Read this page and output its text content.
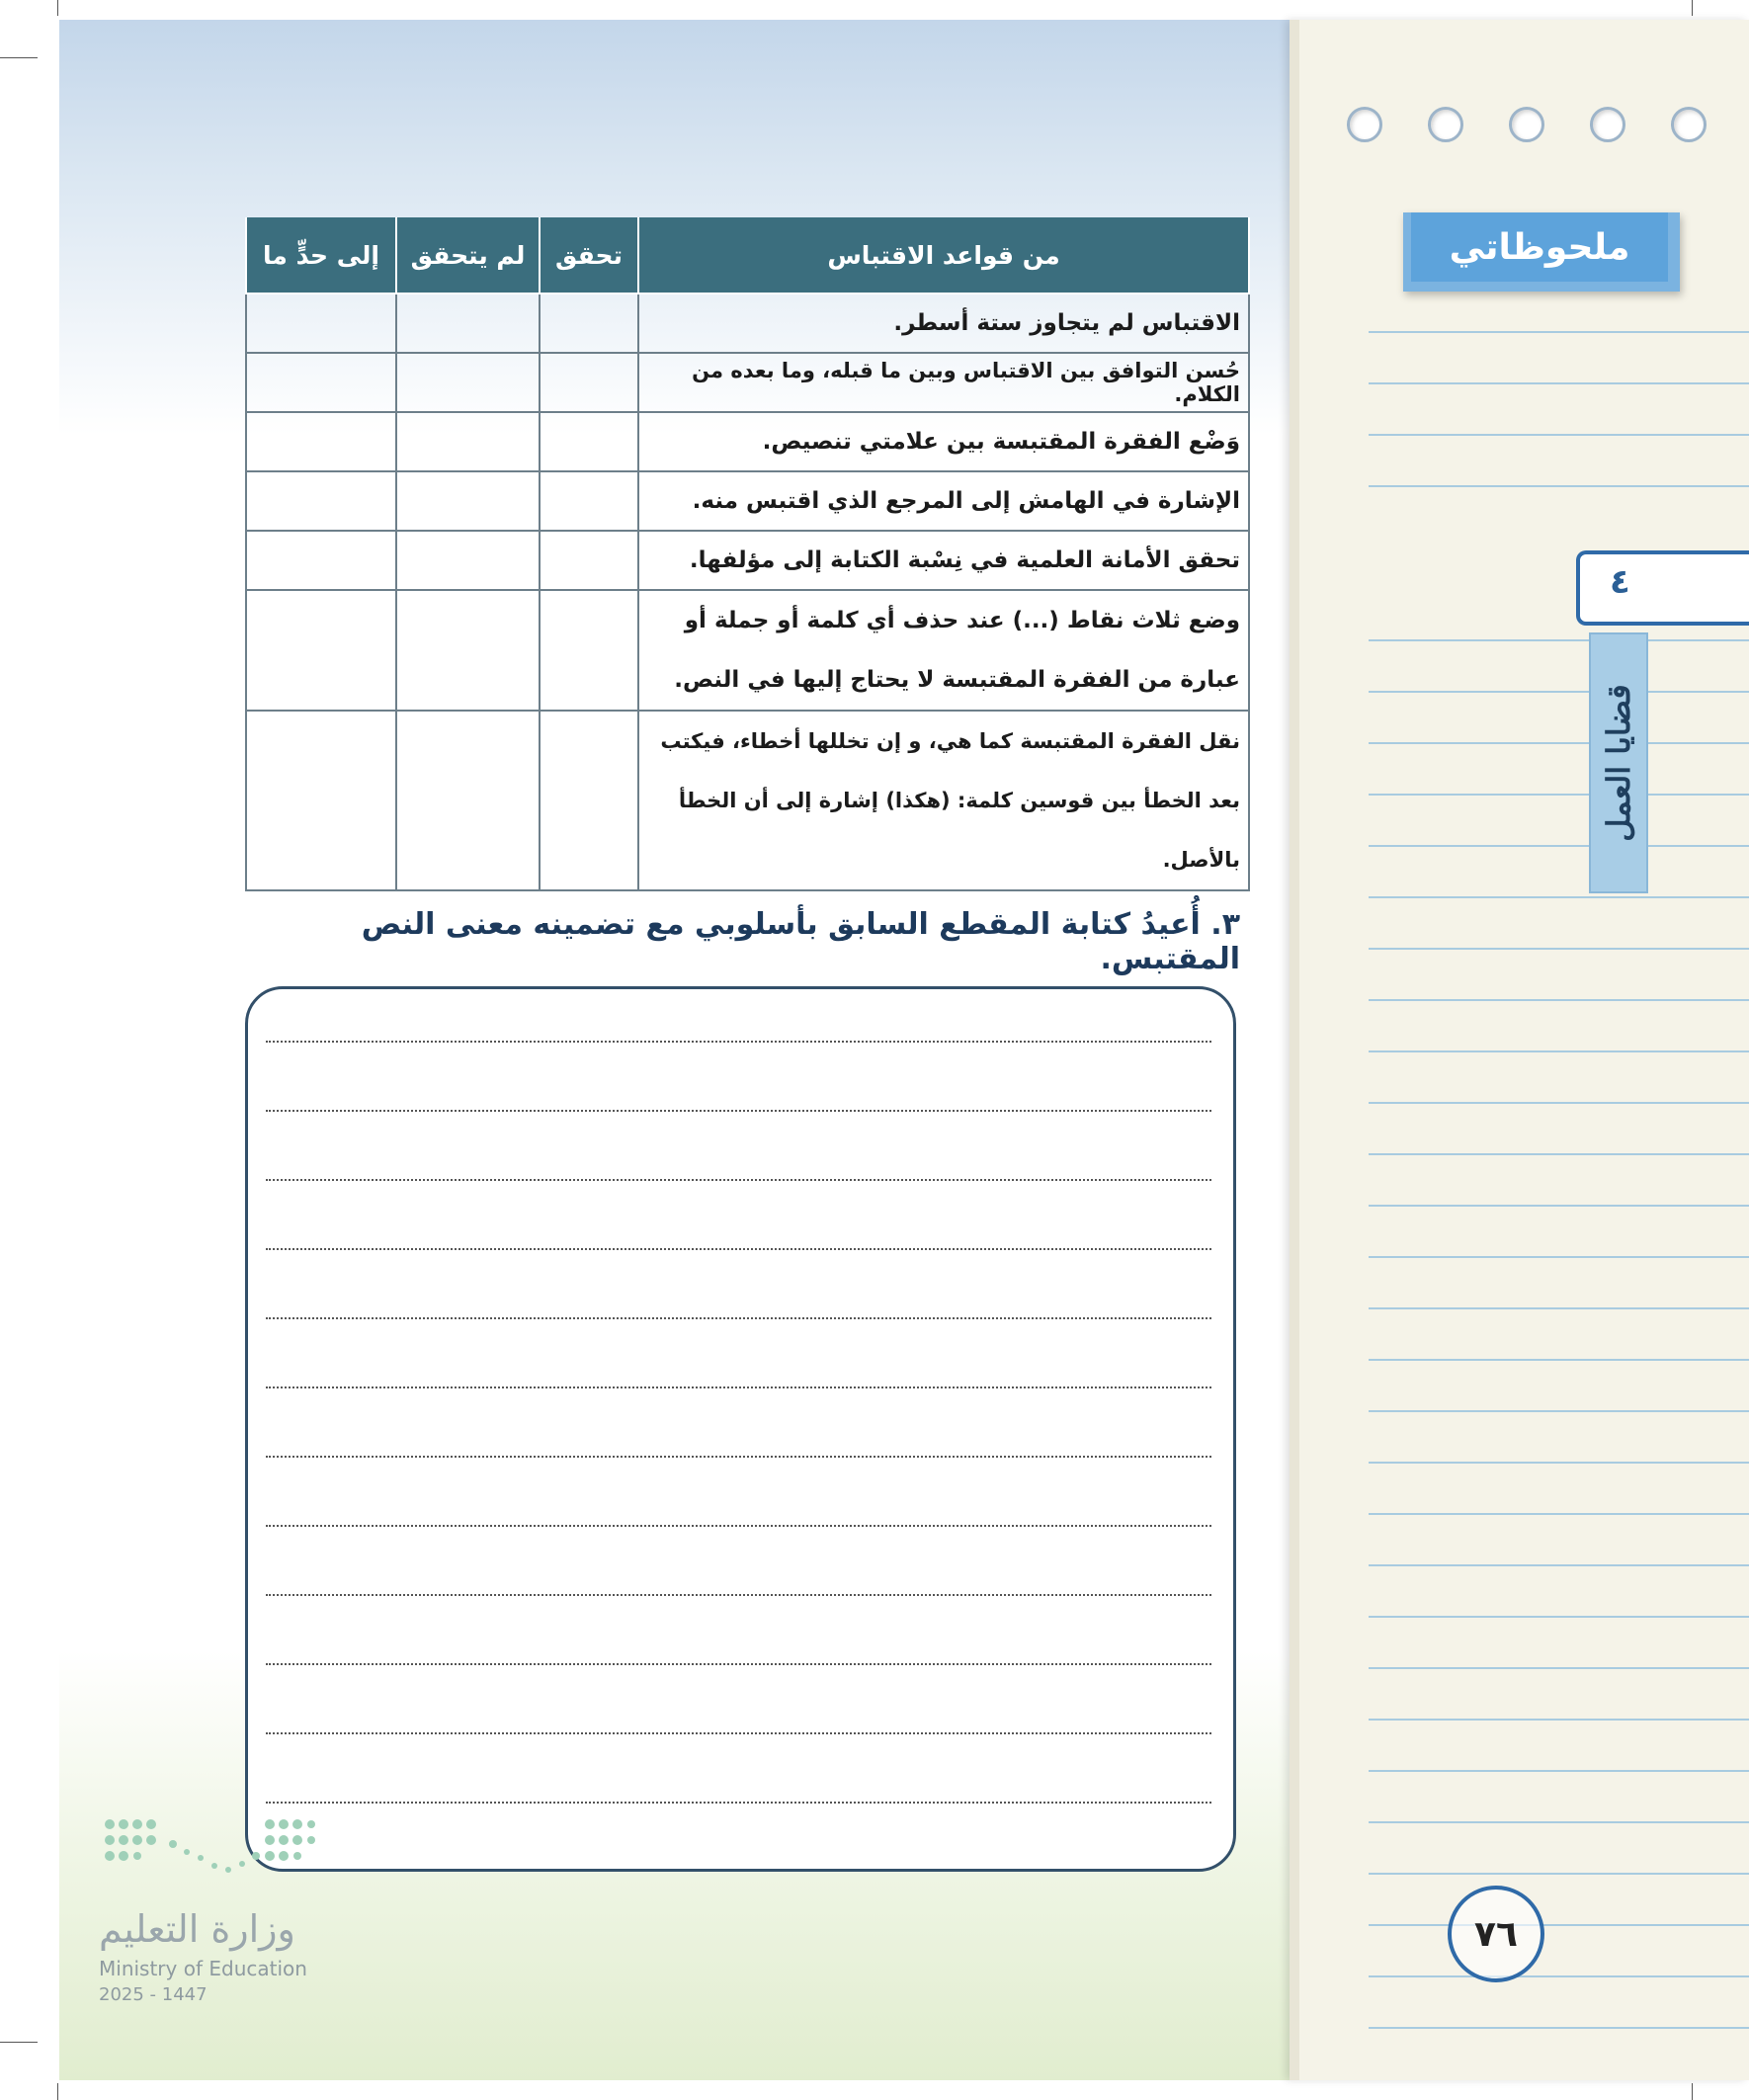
ملحوظاتي
٤
قضايا العمل
من قواعد الاقتباس	تحقق	لم يتحقق	إلى حدٍّ ما
الاقتباس لم يتجاوز ستة أسطر.			
حُسن التوافق بين الاقتباس وبين ما قبله، وما بعده من الكلام.			
وَضْع الفقرة المقتبسة بين علامتي تنصيص.			
الإشارة في الهامش إلى المرجع الذي اقتبس منه.			
تحقق الأمانة العلمية في نِسْبة الكتابة إلى مؤلفها.			
وضع ثلاث نقاط (...) عند حذف أي كلمة أو جملة أو عبارة من الفقرة المقتبسة لا يحتاج إليها في النص.			
نقل الفقرة المقتبسة كما هي، و إن تخللها أخطاء، فيكتب بعد الخطأ بين قوسين كلمة: (هكذا) إشارة إلى أن الخطأ بالأصل.			
٣. أُعيدُ كتابة المقطع السابق بأسلوبي مع تضمينه معنى النص المقتبس.
وزارة التعليم
Ministry of Education
2025 - 1447
٧٦
